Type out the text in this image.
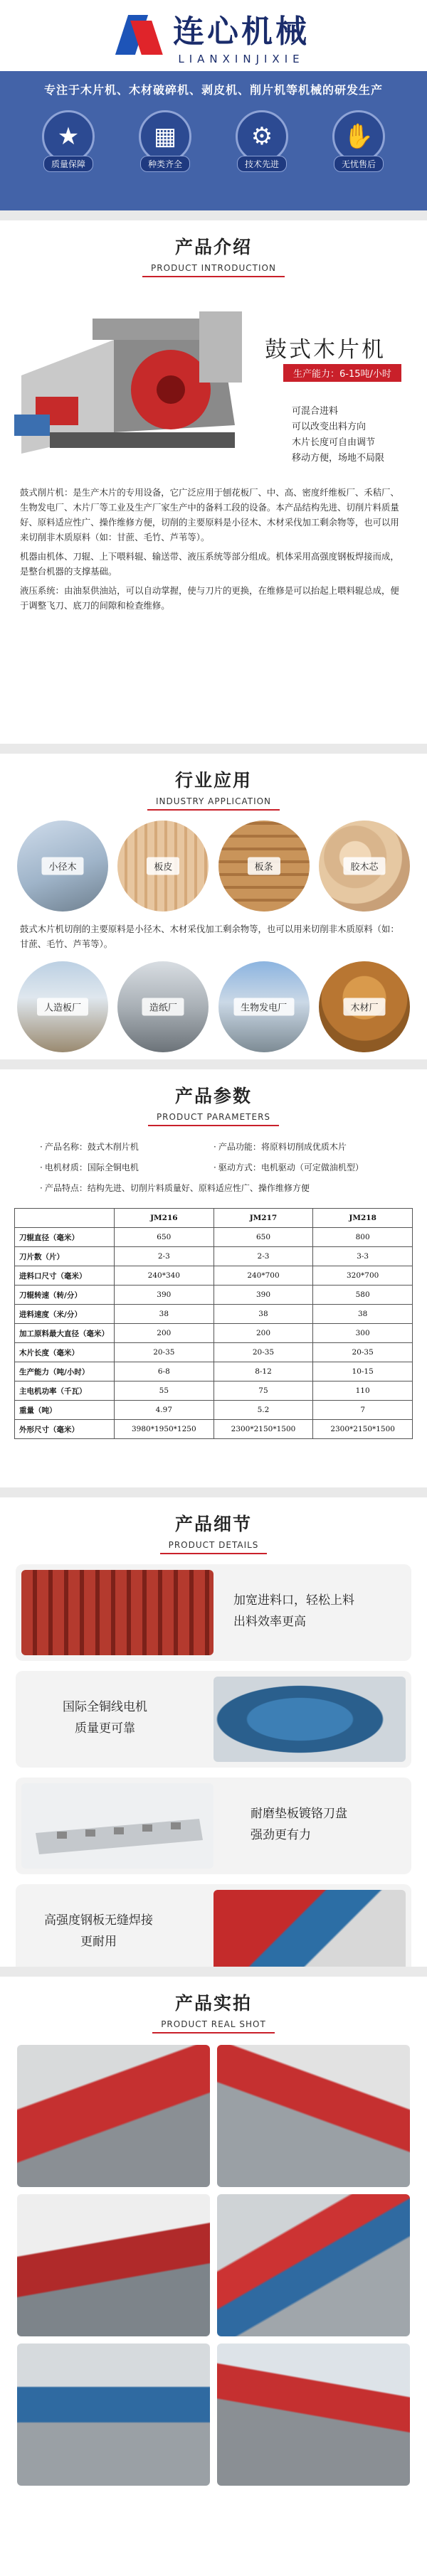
连心机械
LIANXINJIXIE
专注于木片机、木材破碎机、剥皮机、削片机等机械的研发生产
★
质量保障
▦
种类齐全
⚙
技术先进
✋
无忧售后
产品介绍
PRODUCT INTRODUCTION
鼓式木片机
生产能力：6-15吨/小时
可混合进料
可以改变出料方向
木片长度可自由调节
移动方便，场地不局限

鼓式削片机：是生产木片的专用设备，它广泛应用于刨花板厂、中、高、密度纤维板厂、禾秸厂、生物发电厂、木片厂等工业及生产厂家生产中的备料工段的设备。本产品结构先进、切削片料质量好、原料适应性广、操作维修方便，切削的主要原料是小径木、木材采伐加工剩余物等，也可以用来切削非木质原料（如：甘蔗、毛竹、芦苇等）。

机器由机体、刀辊、上下喂料辊、输送带、液压系统等部分组成。机体采用高强度钢板焊接而成，是整台机器的支撑基础。

液压系统：由油泵供油站，可以自动掌握，使与刀片的更换，在维修是可以抬起上喂料辊总成，便于调整飞刀、底刀的间隙和检查维修。

行业应用
INDUSTRY APPLICATION
小径木	板皮	板条	胶木芯
鼓式木片机切削的主要原料是小径木、木材采伐加工剩余物等，也可以用来切削非木质原料（如：甘蔗、毛竹、芦苇等）。
人造板厂	造纸厂	生物发电厂	木材厂
产品参数
PRODUCT PARAMETERS
· 产品名称：鼓式木削片机	· 产品功能：将原料切削成优质木片
· 电机材质：国际全铜电机	· 驱动方式：电机驱动（可定做油机型）
· 产品特点：结构先进、切削片料质量好、原料适应性广、操作维修方便
	JM216	JM217	JM218
刀辊直径（毫米）	650	650	800
刀片数（片）	2-3	2-3	3-3
进料口尺寸（毫米）	240*340	240*700	320*700
刀辊转速（转/分）	390	390	580
进料速度（米/分）	38	38	38
加工原料最大直径（毫米）	200	200	300
木片长度（毫米）	20-35	20-35	20-35
生产能力（吨/小时）	6-8	8-12	10-15
主电机功率（千瓦）	55	75	110
重量（吨）	4.97	5.2	7
外形尺寸（毫米）	3980*1950*1250	2300*2150*1500	2300*2150*1500
产品细节
PRODUCT DETAILS
加宽进料口，轻松上料
出料效率更高
国际全铜线电机
质量更可靠
耐磨垫板镀铬刀盘
强劲更有力
高强度钢板无缝焊接
更耐用
产品实拍
PRODUCT REAL SHOT
